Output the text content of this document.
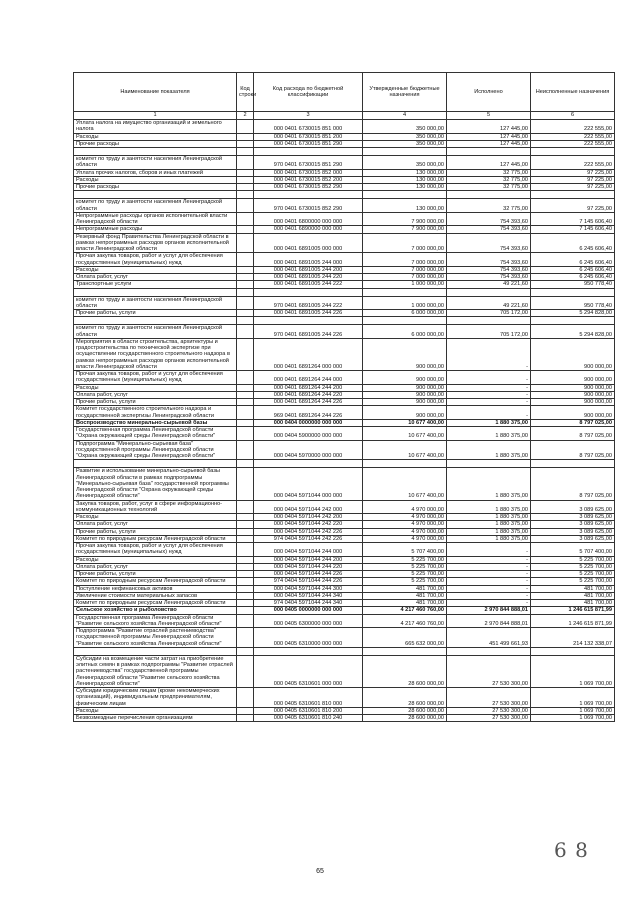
Наименование показателя	Код строки	Код расхода по бюджетной классификации	Утвержденные бюджетные назначения	Исполнено	Неисполненные назначения
1	2	3	4	5	6
Уплата налога на имущество организаций и земельного налога		000 0401 6730015 851 000	350 000,00	127 445,00	222 555,00
Расходы		000 0401 6730015 851 200	350 000,00	127 445,00	222 555,00
Прочие расходы		000 0401 6730015 851 290	350 000,00	127 445,00	222 555,00

комитет по труду и занятости населения Ленинградской области		970 0401 6730015 851 290	350 000,00	127 445,00	222 555,00
Уплата прочих налогов, сборов и иных платежей		000 0401 6730015 852 000	130 000,00	32 775,00	97 225,00
Расходы		000 0401 6730015 852 200	130 000,00	32 775,00	97 225,00
Прочие расходы		000 0401 6730015 852 290	130 000,00	32 775,00	97 225,00

комитет по труду и занятости населения Ленинградской области		970 0401 6730015 852 290	130 000,00	32 775,00	97 225,00
Непрограммные расходы органов исполнительной власти Ленинградской области		000 0401 6800000 000 000	7 900 000,00	754 393,60	7 145 606,40
Непрограммные расходы		000 0401 6890000 000 000	7 900 000,00	754 393,60	7 145 606,40
Резервный фонд Правительства Ленинградской области в рамках непрограммных расходов органов исполнительной власти Ленинградской области		000 0401 6891005 000 000	7 000 000,00	754 393,60	6 245 606,40
Прочая закупка товаров, работ и услуг для обеспечения государственных (муниципальных) нужд		000 0401 6891005 244 000	7 000 000,00	754 393,60	6 245 606,40
Расходы		000 0401 6891005 244 200	7 000 000,00	754 393,60	6 245 606,40
Оплата работ, услуг		000 0401 6891005 244 220	7 000 000,00	754 393,60	6 245 606,40
Транспортные услуги		000 0401 6891005 244 222	1 000 000,00	49 221,60	950 778,40

комитет по труду и занятости населения Ленинградской области		970 0401 6891005 244 222	1 000 000,00	49 221,60	950 778,40
Прочие работы, услуги		000 0401 6891005 244 226	6 000 000,00	705 172,00	5 294 828,00

комитет по труду и занятости населения Ленинградской области		970 0401 6891005 244 226	6 000 000,00	705 172,00	5 294 828,00
Мероприятия в области строительства, архитектуры и градостроительства по технической экспертизе при осуществлении государственного строительного надзора в рамках непрограммных расходов органов исполнительной власти Ленинградской области		000 0401 6891264 000 000	900 000,00	-	900 000,00
Прочая закупка товаров, работ и услуг для обеспечения государственных (муниципальных) нужд		000 0401 6891264 244 000	900 000,00	-	900 000,00
Расходы		000 0401 6891264 244 200	900 000,00	-	900 000,00
Оплата работ, услуг		000 0401 6891264 244 220	900 000,00	-	900 000,00
Прочие работы, услуги		000 0401 6891264 244 226	900 000,00	-	900 000,00
Комитет государственного строительного надзора и государственной экспертизы Ленинградской области		969 0401 6891264 244 226	900 000,00	-	900 000,00
Воспроизводство минерально-сырьевой базы		000 0404 0000000 000 000	10 677 400,00	1 880 375,00	8 797 025,00
Государственная программа Ленинградской области "Охрана окружающей среды Ленинградской области"		000 0404 5900000 000 000	10 677 400,00	1 880 375,00	8 797 025,00
Подпрограмма "Минерально-сырьевая база" государственной программы Ленинградской области "Охрана окружающей среды Ленинградской области"		000 0404 5970000 000 000	10 677 400,00	1 880 375,00	8 797 025,00

Развитие и использование минерально-сырьевой базы Ленинградской области в рамках подпрограммы "Минерально-сырьевая база" государственной программы Ленинградской области "Охрана окружающей среды Ленинградской области"		000 0404 5971044 000 000	10 677 400,00	1 880 375,00	8 797 025,00
Закупка товаров, работ, услуг в сфере информационно-коммуникационных технологий		000 0404 5971044 242 000	4 970 000,00	1 880 375,00	3 089 625,00
Расходы		000 0404 5971044 242 200	4 970 000,00	1 880 375,00	3 089 625,00
Оплата работ, услуг		000 0404 5971044 242 220	4 970 000,00	1 880 375,00	3 089 625,00
Прочие работы, услуги		000 0404 5971044 242 226	4 970 000,00	1 880 375,00	3 089 625,00
Комитет по природным ресурсам Ленинградской области		974 0404 5971044 242 226	4 970 000,00	1 880 375,00	3 089 625,00
Прочая закупка товаров, работ и услуг для обеспечения государственных (муниципальных) нужд		000 0404 5971044 244 000	5 707 400,00	-	5 707 400,00
Расходы		000 0404 5971044 244 200	5 225 700,00	-	5 225 700,00
Оплата работ, услуг		000 0404 5971044 244 220	5 225 700,00	-	5 225 700,00
Прочие работы, услуги		000 0404 5971044 244 226	5 225 700,00	-	5 225 700,00
Комитет по природным ресурсам Ленинградской области		974 0404 5971044 244 226	5 225 700,00	-	5 225 700,00
Поступление нефинансовых активов		000 0404 5971044 244 300	481 700,00	-	481 700,00
Увеличение стоимости материальных запасов		000 0404 5971044 244 340	481 700,00	-	481 700,00
Комитет по природным ресурсам Ленинградской области		974 0404 5971044 244 340	481 700,00	-	481 700,00
Сельское хозяйство и рыболовство		000 0405 0000000 000 000	4 217 460 760,00	2 970 844 888,01	1 246 615 871,99
Государственная программа Ленинградской области "Развитие сельского хозяйства Ленинградской области"		000 0405 6300000 000 000	4 217 460 760,00	2 970 844 888,01	1 246 615 871,99
Подпрограмма "Развитие отраслей растениеводства" государственной программы Ленинградской области "Развитие сельского хозяйства Ленинградской области"		000 0405 6310000 000 000	665 632 000,00	451 499 661,93	214 132 338,07

Субсидии на возмещение части затрат на приобретение элитных семян в рамках подпрограммы "Развитие отраслей растениеводства" государственной программы Ленинградской области "Развитие сельского хозяйства Ленинградской области"		000 0405 6310601 000 000	28 600 000,00	27 530 300,00	1 069 700,00
Субсидии юридическим лицам (кроме некоммерческих организаций), индивидуальным предпринимателям, физическим лицам		000 0405 6310601 810 000	28 600 000,00	27 530 300,00	1 069 700,00
Расходы		000 0405 6310601 810 200	28 600 000,00	27 530 300,00	1 069 700,00
Безвозмездные перечисления организациям		000 0405 6310601 810 240	28 600 000,00	27 530 300,00	1 069 700,00
65
6 8
